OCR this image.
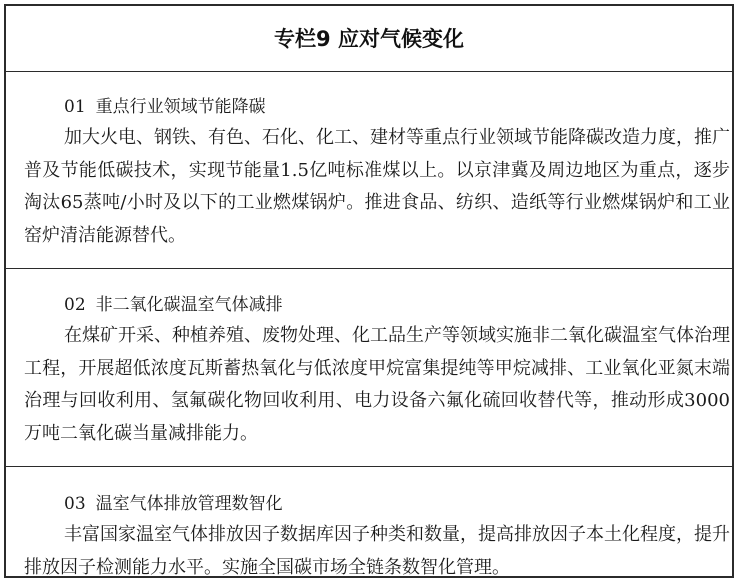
专栏9 应对气候变化
01 重点行业领域节能降碳

加大火电、钢铁、有色、石化、化工、建材等重点行业领域节能降碳改造力度，推广普及节能低碳技术，实现节能量1.5亿吨标准煤以上。以京津冀及周边地区为重点，逐步淘汰65蒸吨/小时及以下的工业燃煤锅炉。推进食品、纺织、造纸等行业燃煤锅炉和工业窑炉清洁能源替代。

02 非二氧化碳温室气体减排

在煤矿开采、种植养殖、废物处理、化工品生产等领域实施非二氧化碳温室气体治理工程，开展超低浓度瓦斯蓄热氧化与低浓度甲烷富集提纯等甲烷减排、工业氧化亚氮末端治理与回收利用、氢氟碳化物回收利用、电力设备六氟化硫回收替代等，推动形成3000万吨二氧化碳当量减排能力。

03 温室气体排放管理数智化

丰富国家温室气体排放因子数据库因子种类和数量，提高排放因子本土化程度，提升排放因子检测能力水平。实施全国碳市场全链条数智化管理。
